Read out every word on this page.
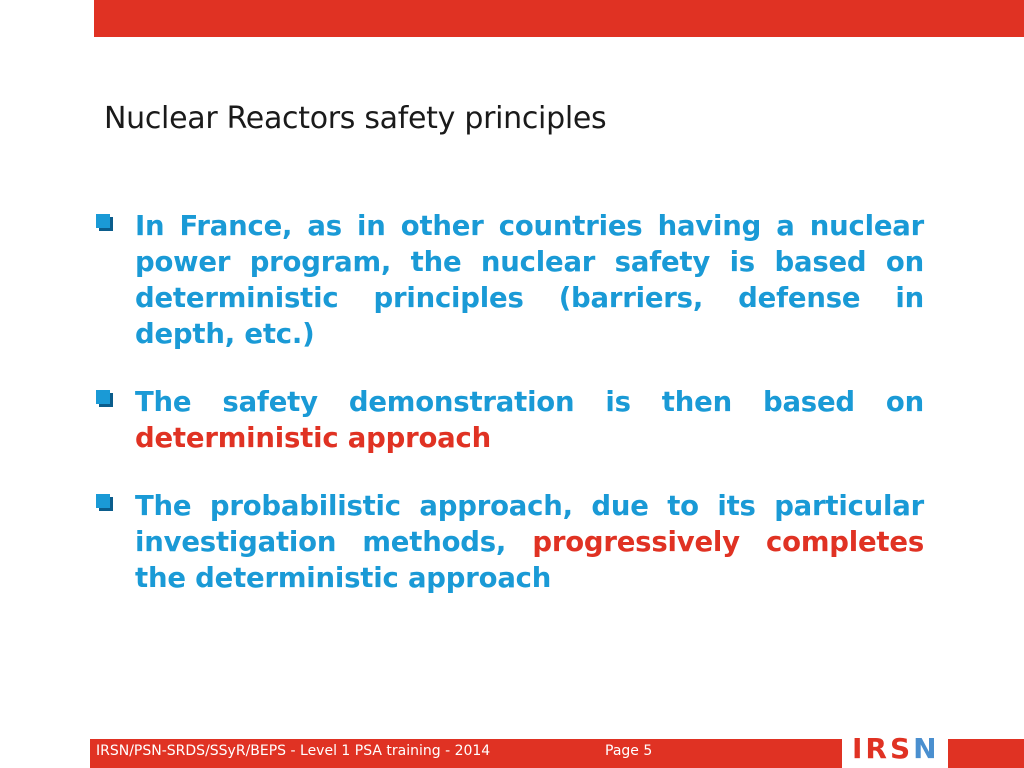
Nuclear Reactors safety principles
In France, as in other countries having a nuclear power program, the nuclear safety is based on deterministic principles (barriers, defense in depth, etc.)
The safety demonstration is then based on deterministic approach
The probabilistic approach, due to its particular investigation methods, progressively completes the deterministic approach
IRSN/PSN-SRDS/SSyR/BEPS - Level 1 PSA training - 2014	Page 5	IRSN
